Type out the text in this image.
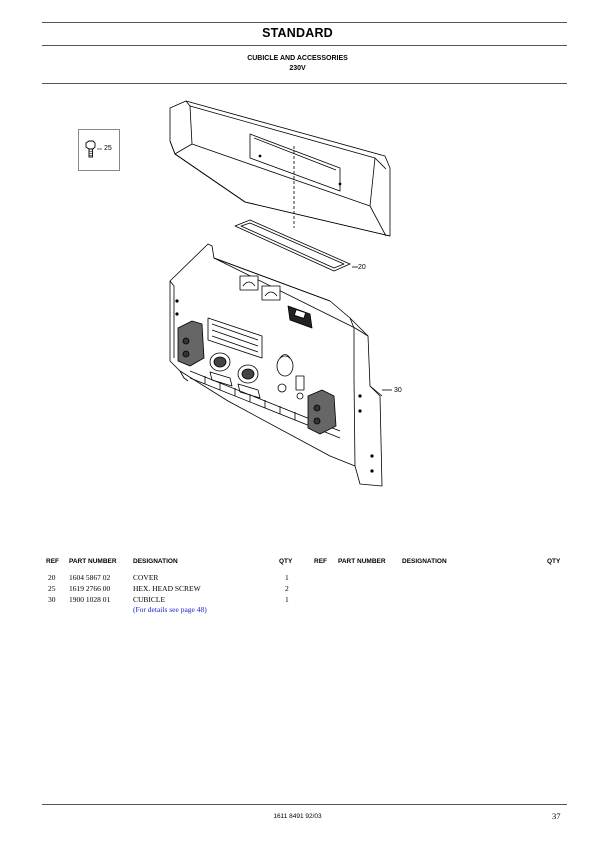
STANDARD
CUBICLE AND ACCESSORIES
230V
25
20
30
REF PART NUMBER	DESIGNATION	QTY	REF PART NUMBER	DESIGNATION	QTY
20 1604 5867 02	COVER	1
25 1619 2766 00	HEX. HEAD SCREW	2
30 1900 1028 01	CUBICLE	1
(For details see page 48)
1611 8491 92/03	37
